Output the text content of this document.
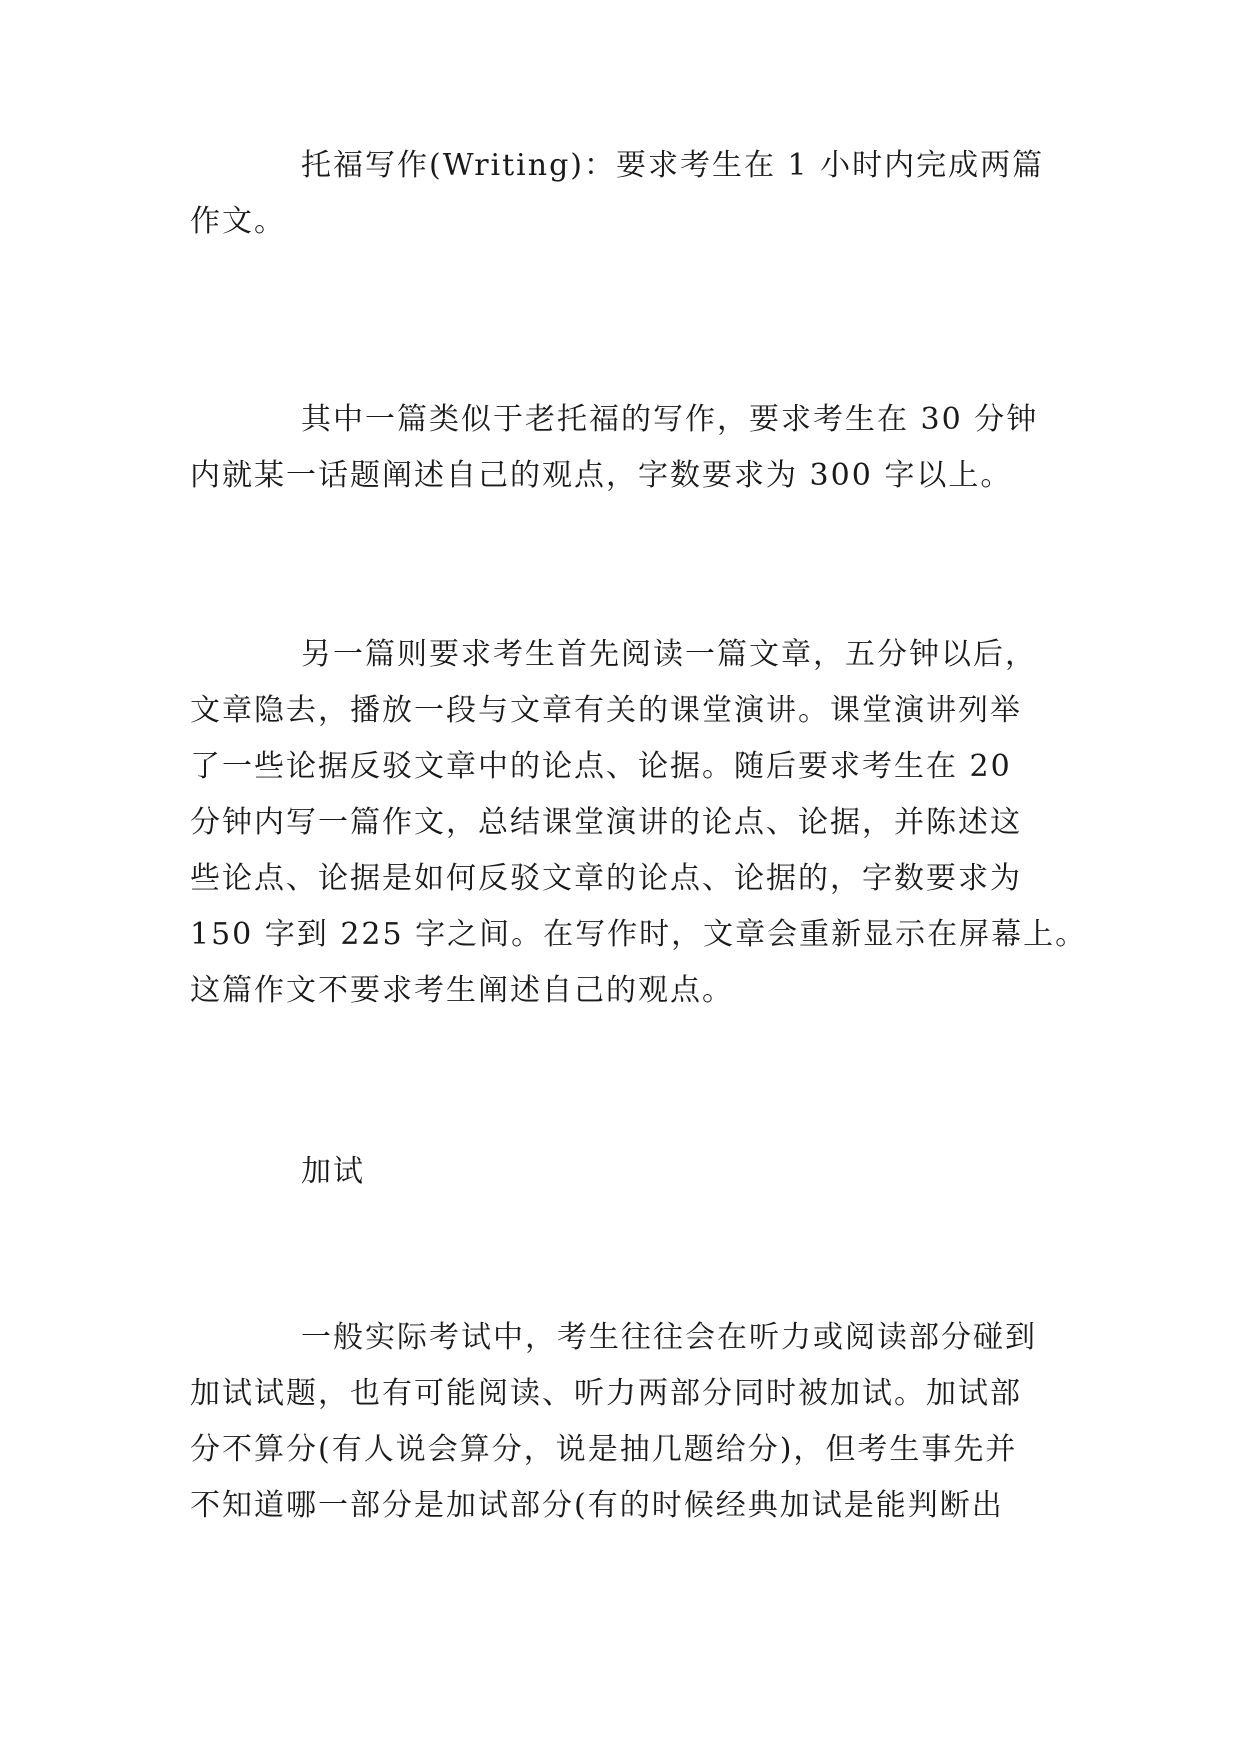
托福写作(Writing)：要求考生在 1 小时内完成两篇
作文。
其中一篇类似于老托福的写作，要求考生在 30 分钟
内就某一话题阐述自己的观点，字数要求为 300 字以上。
另一篇则要求考生首先阅读一篇文章，五分钟以后，
文章隐去，播放一段与文章有关的课堂演讲。课堂演讲列举
了一些论据反驳文章中的论点、论据。随后要求考生在 20
分钟内写一篇作文，总结课堂演讲的论点、论据，并陈述这
些论点、论据是如何反驳文章的论点、论据的，字数要求为
150 字到 225 字之间。在写作时，文章会重新显示在屏幕上。
这篇作文不要求考生阐述自己的观点。
加试
一般实际考试中，考生往往会在听力或阅读部分碰到
加试试题，也有可能阅读、听力两部分同时被加试。加试部
分不算分(有人说会算分，说是抽几题给分)，但考生事先并
不知道哪一部分是加试部分(有的时候经典加试是能判断出
